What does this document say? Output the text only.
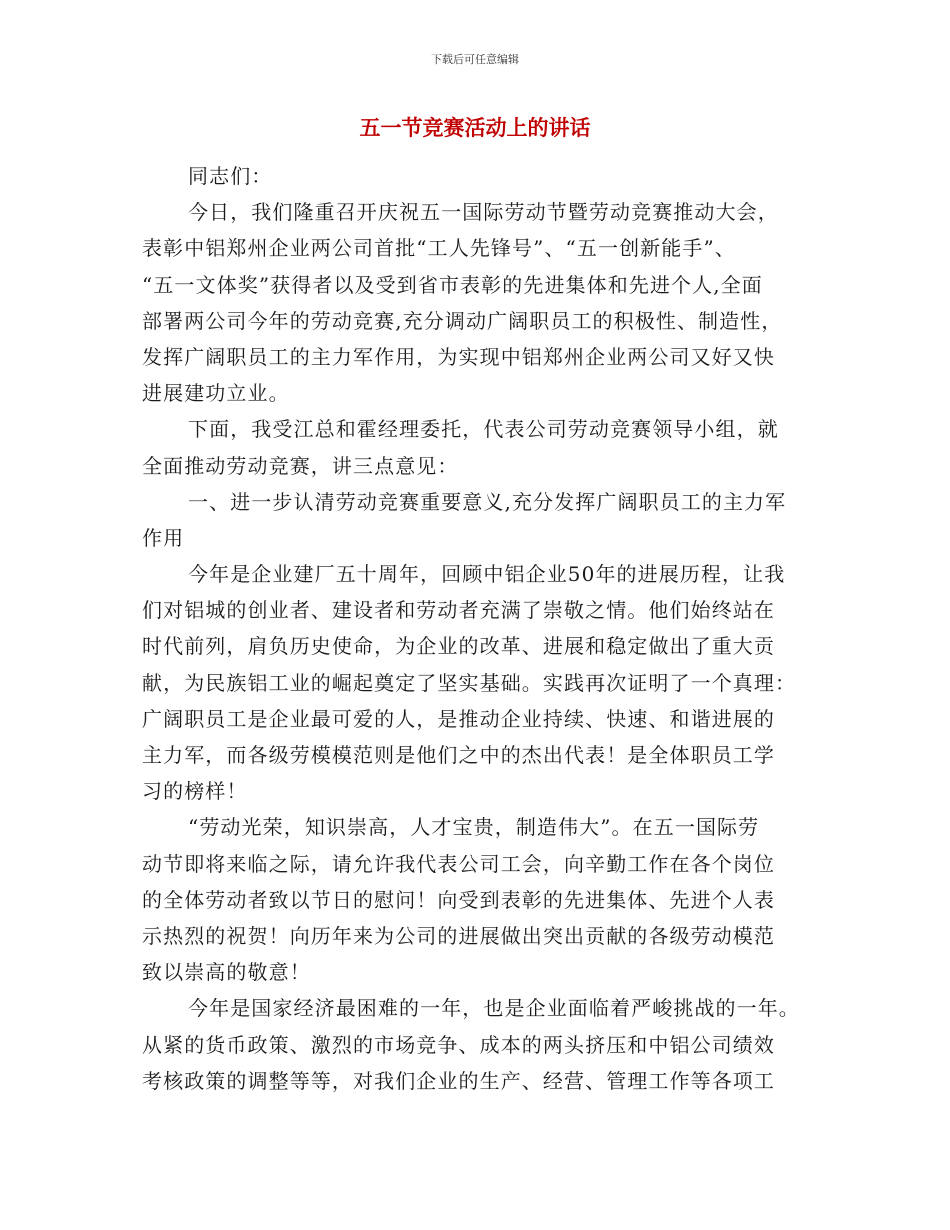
下载后可任意编辑
五一节竞赛活动上的讲话
同志们：
今日，我们隆重召开庆祝五一国际劳动节暨劳动竞赛推动大会，
表彰中铝郑州企业两公司首批“工人先锋号”、“五一创新能手”、
“五一文体奖”获得者以及受到省市表彰的先进集体和先进个人,全面
部署两公司今年的劳动竞赛,充分调动广阔职员工的积极性、制造性，
发挥广阔职员工的主力军作用，为实现中铝郑州企业两公司又好又快
进展建功立业。
下面，我受江总和霍经理委托，代表公司劳动竞赛领导小组，就
全面推动劳动竞赛，讲三点意见：
一、进一步认清劳动竞赛重要意义,充分发挥广阔职员工的主力军
作用
今年是企业建厂五十周年，回顾中铝企业50年的进展历程，让我
们对铝城的创业者、建设者和劳动者充满了崇敬之情。他们始终站在
时代前列，肩负历史使命，为企业的改革、进展和稳定做出了重大贡
献，为民族铝工业的崛起奠定了坚实基础。实践再次证明了一个真理：
广阔职员工是企业最可爱的人，是推动企业持续、快速、和谐进展的
主力军，而各级劳模模范则是他们之中的杰出代表！是全体职员工学
习的榜样！
“劳动光荣，知识崇高，人才宝贵，制造伟大”。在五一国际劳
动节即将来临之际，请允许我代表公司工会，向辛勤工作在各个岗位
的全体劳动者致以节日的慰问！向受到表彰的先进集体、先进个人表
示热烈的祝贺！向历年来为公司的进展做出突出贡献的各级劳动模范
致以崇高的敬意！
今年是国家经济最困难的一年，也是企业面临着严峻挑战的一年。
从紧的货币政策、激烈的市场竞争、成本的两头挤压和中铝公司绩效
考核政策的调整等等，对我们企业的生产、经营、管理工作等各项工
